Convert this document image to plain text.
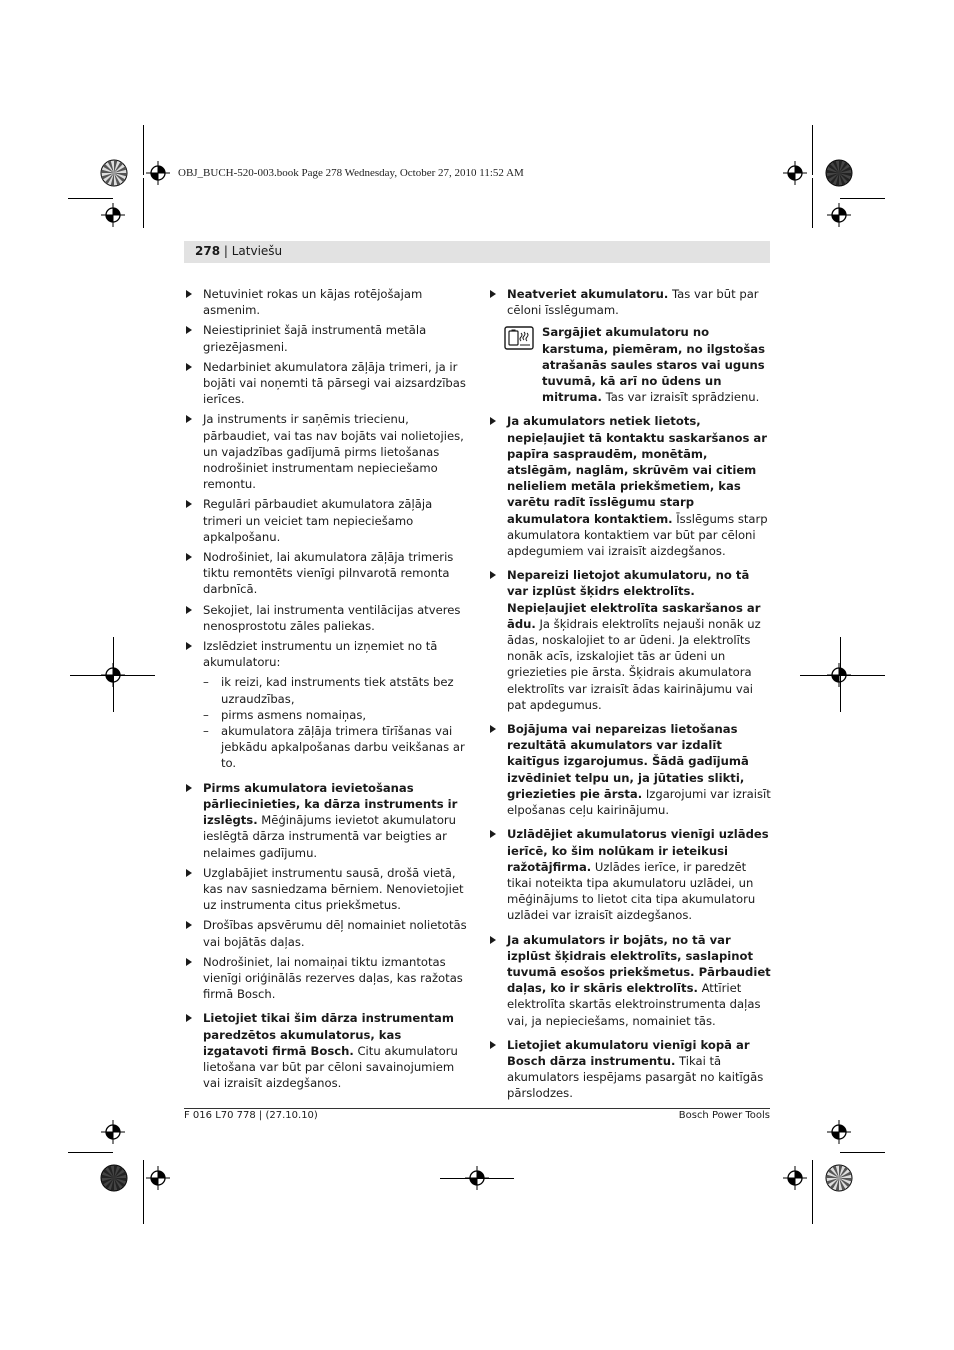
OBJ_BUCH-520-003.book Page 278 Wednesday, October 27, 2010 11:52 AM
278 | Latviešu
Netuviniet rokas un kājas rotējošajam asmenim.
Neiestipriniet šajā instrumentā metāla griezējasmeni.
Nedarbiniet akumulatora zāļāja trimeri, ja ir bojāti vai noņemti tā pārsegi vai aizsardzības ierīces.
Ja instruments ir saņēmis triecienu, pārbaudiet, vai tas nav bojāts vai nolietojies, un vajadzības gadījumā pirms lietošanas nodrošiniet instrumentam nepieciešamo remontu.
Regulāri pārbaudiet akumulatora zāļāja trimeri un veiciet tam nepieciešamo apkalpošanu.
Nodrošiniet, lai akumulatora zāļāja trimeris tiktu remontēts vienīgi pilnvarotā remonta darbnīcā.
Sekojiet, lai instrumenta ventilācijas atveres nenosprostotu zāles paliekas.
Izslēdziet instrumentu un izņemiet no tā akumulatoru:
– ik reizi, kad instruments tiek atstāts bez uzraudzības,
– pirms asmens nomaiņas,
– akumulatora zāļāja trimera tīrīšanas vai jebkādu apkalpošanas darbu veikšanas ar to.
Pirms akumulatora ievietošanas pārliecinieties, ka dārza instruments ir izslēgts. Mēģinājums ievietot akumulatoru ieslēgtā dārza instrumentā var beigties ar nelaimes gadījumu.
Uzglabājiet instrumentu sausā, drošā vietā, kas nav sasniedzama bērniem. Nenovietojiet uz instrumenta citus priekšmetus.
Drošības apsvērumu dēļ nomainiet nolietotās vai bojātās daļas.
Nodrošiniet, lai nomaiņai tiktu izmantotas vienīgi oriģinālās rezerves daļas, kas ražotas firmā Bosch.
Lietojiet tikai šim dārza instrumentam paredzētos akumulatorus, kas izgatavoti firmā Bosch. Citu akumulatoru lietošana var būt par cēloni savainojumiem vai izraisīt aizdegšanos.
Neatveriet akumulatoru. Tas var būt par cēloni īsslēgumam.
Sargājiet akumulatoru no karstuma, piemēram, no ilgstošas atrašanās saules staros vai uguns tuvumā, kā arī no ūdens un mitruma. Tas var izraisīt sprādzienu.
Ja akumulators netiek lietots, nepieļaujiet tā kontaktu saskaršanos ar papīra saspraudēm, monētām, atslēgām, naglām, skrūvēm vai citiem nelieliem metāla priekšmetiem, kas varētu radīt īsslēgumu starp akumulatora kontaktiem. Īsslēgums starp akumulatora kontaktiem var būt par cēloni apdegumiem vai izraisīt aizdegšanos.
Nepareizi lietojot akumulatoru, no tā var izplūst šķidrs elektrolīts. Nepieļaujiet elektrolīta saskaršanos ar ādu. Ja šķidrais elektrolīts nejauši nonāk uz ādas, noskalojiet to ar ūdeni. Ja elektrolīts nonāk acīs, izskalojiet tās ar ūdeni un griezieties pie ārsta. Šķidrais akumulatora elektrolīts var izraisīt ādas kairinājumu vai pat apdegumus.
Bojājuma vai nepareizas lietošanas rezultātā akumulators var izdalīt kaitīgus izgarojumus. Šādā gadījumā izvēdiniet telpu un, ja jūtaties slikti, griezieties pie ārsta. Izgarojumi var izraisīt elpošanas ceļu kairinājumu.
Uzlādējiet akumulatorus vienīgi uzlādes ierīcē, ko šim nolūkam ir ieteikusi ražotājfirma. Uzlādes ierīce, ir paredzēt tikai noteikta tipa akumulatoru uzlādei, un mēģinājums to lietot cita tipa akumulatoru uzlādei var izraisīt aizdegšanos.
Ja akumulators ir bojāts, no tā var izplūst šķidrais elektrolīts, saslapinot tuvumā esošos priekšmetus. Pārbaudiet daļas, ko ir skāris elektrolīts. Attīriet elektrolīta skartās elektroinstrumenta daļas vai, ja nepieciešams, nomainiet tās.
Lietojiet akumulatoru vienīgi kopā ar Bosch dārza instrumentu. Tikai tā akumulators iespējams pasargāt no kaitīgās pārslodzes.
F 016 L70 778 | (27.10.10)	Bosch Power Tools
